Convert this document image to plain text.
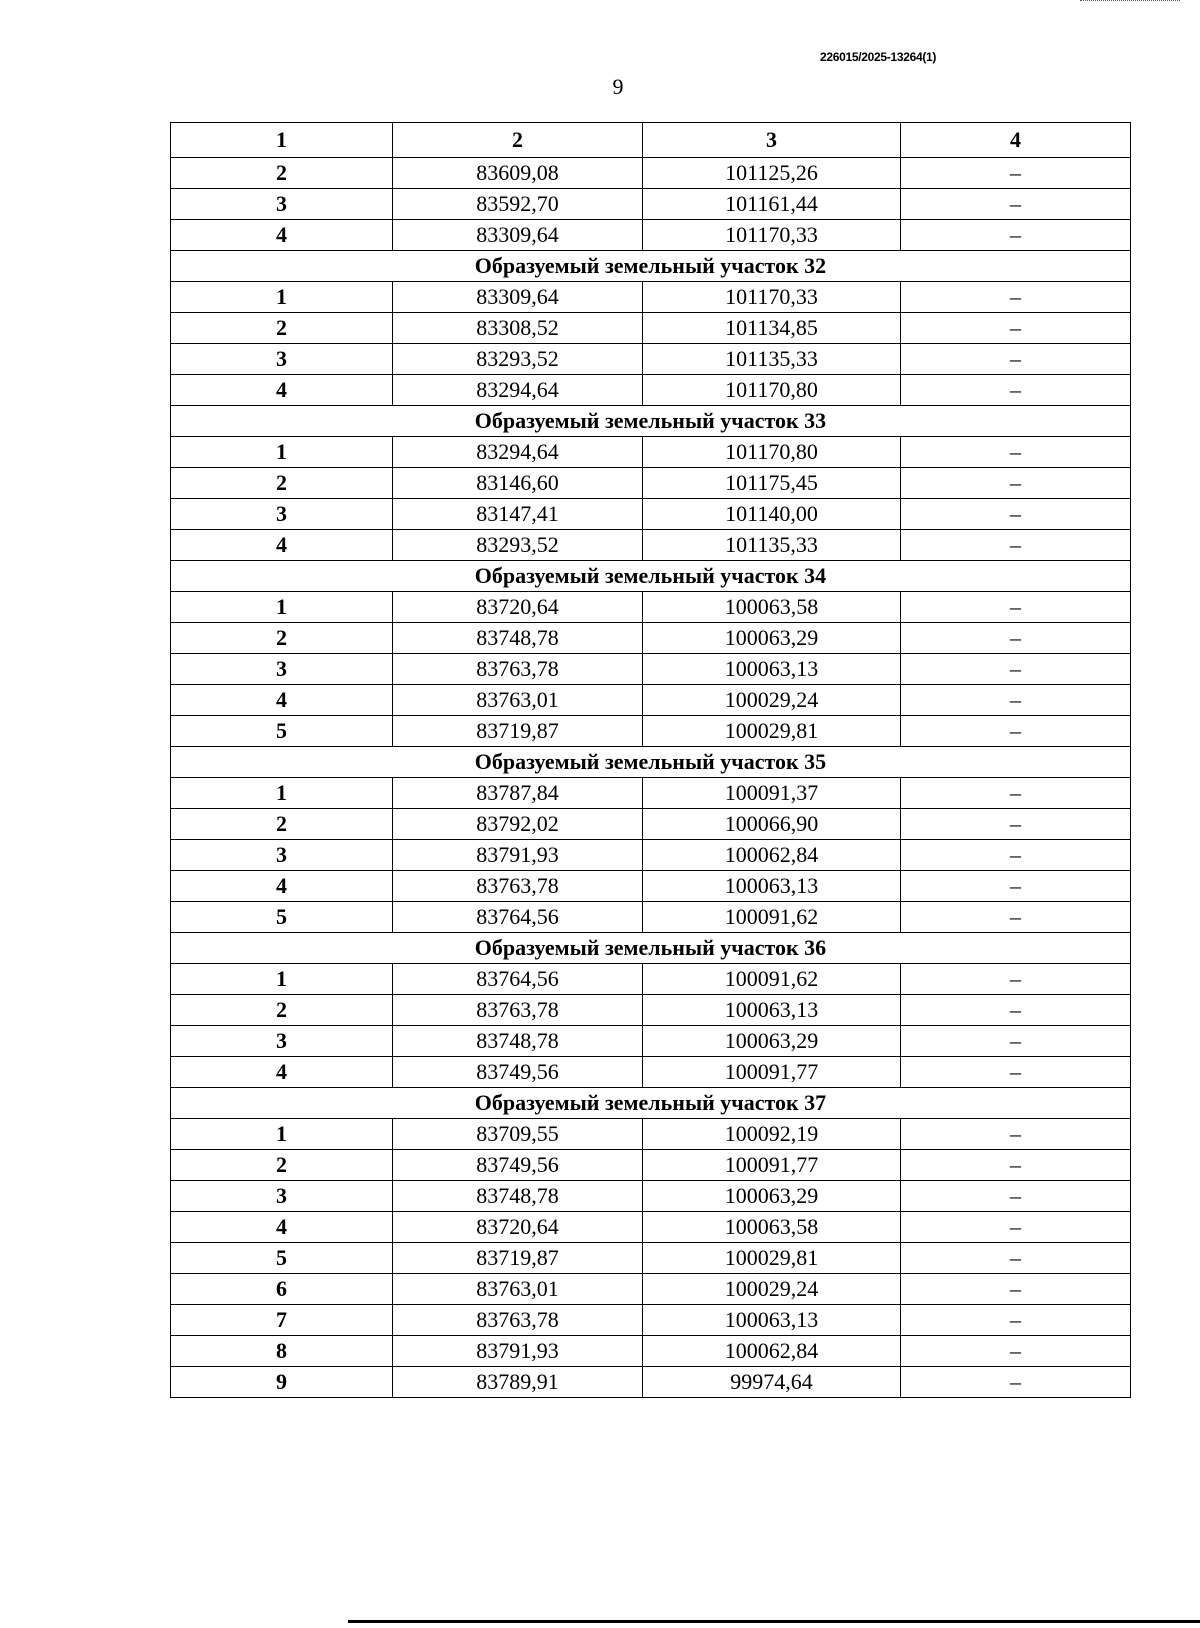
226015/2025-13264(1)
9
1	2	3	4
2	83609,08	101125,26	–
3	83592,70	101161,44	–
4	83309,64	101170,33	–
Образуемый земельный участок 32			
1	83309,64	101170,33	–
2	83308,52	101134,85	–
3	83293,52	101135,33	–
4	83294,64	101170,80	–
Образуемый земельный участок 33			
1	83294,64	101170,80	–
2	83146,60	101175,45	–
3	83147,41	101140,00	–
4	83293,52	101135,33	–
Образуемый земельный участок 34			
1	83720,64	100063,58	–
2	83748,78	100063,29	–
3	83763,78	100063,13	–
4	83763,01	100029,24	–
5	83719,87	100029,81	–
Образуемый земельный участок 35			
1	83787,84	100091,37	–
2	83792,02	100066,90	–
3	83791,93	100062,84	–
4	83763,78	100063,13	–
5	83764,56	100091,62	–
Образуемый земельный участок 36			
1	83764,56	100091,62	–
2	83763,78	100063,13	–
3	83748,78	100063,29	–
4	83749,56	100091,77	–
Образуемый земельный участок 37			
1	83709,55	100092,19	–
2	83749,56	100091,77	–
3	83748,78	100063,29	–
4	83720,64	100063,58	–
5	83719,87	100029,81	–
6	83763,01	100029,24	–
7	83763,78	100063,13	–
8	83791,93	100062,84	–
9	83789,91	99974,64	–
